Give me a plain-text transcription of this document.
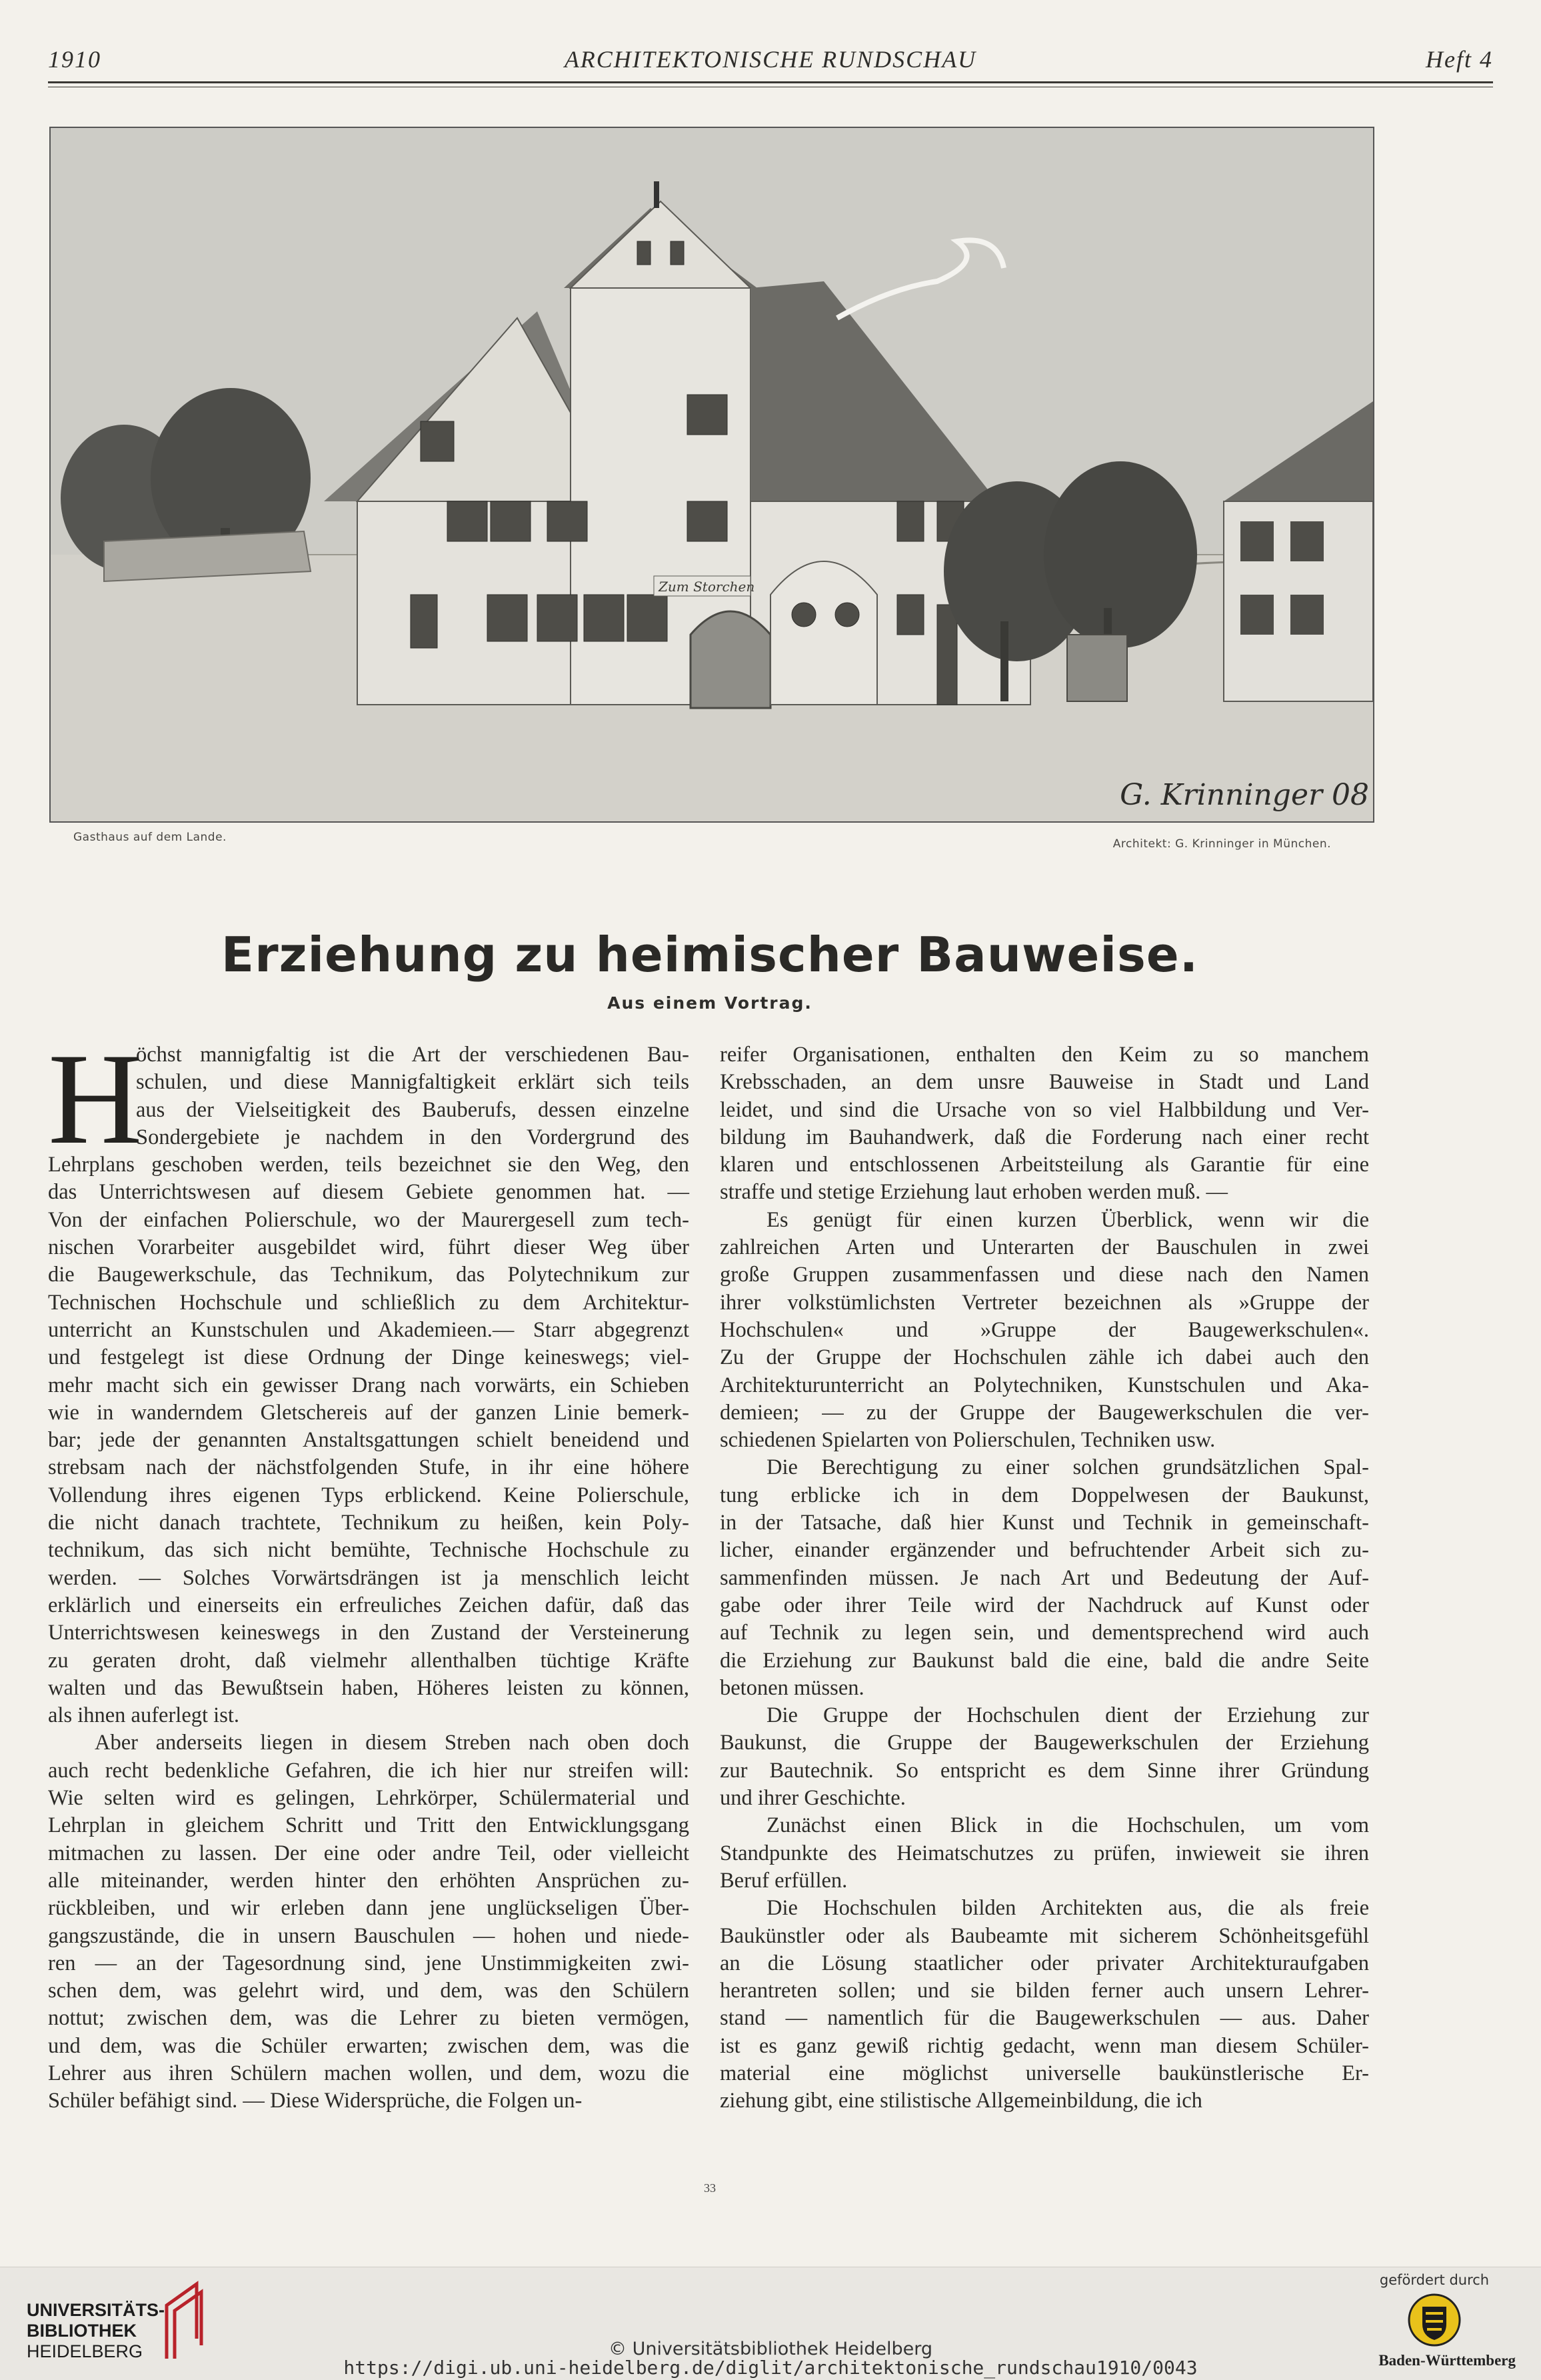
1910	ARCHITEKTONISCHE RUNDSCHAU	Heft 4
Zum Storchen
G. Krinninger 08
Gasthaus auf dem Lande.	Architekt: G. Krinninger in München.
Erziehung zu heimischer Bauweise.
Aus einem Vortrag.
H
öchst mannigfaltig ist die Art der verschiedenen Bau-
schulen, und diese Mannigfaltigkeit erklärt sich teils
aus der Vielseitigkeit des Bauberufs, dessen einzelne
Sondergebiete je nachdem in den Vordergrund des
Lehrplans geschoben werden, teils bezeichnet sie den Weg, den
das Unterrichtswesen auf diesem Gebiete genommen hat. —
Von der einfachen Polierschule, wo der Maurergesell zum tech-
nischen Vorarbeiter ausgebildet wird, führt dieser Weg über
die Baugewerkschule, das Technikum, das Polytechnikum zur
Technischen Hochschule und schließlich zu dem Architektur-
unterricht an Kunstschulen und Akademieen.— Starr abgegrenzt
und festgelegt ist diese Ordnung der Dinge keineswegs; viel-
mehr macht sich ein gewisser Drang nach vorwärts, ein Schieben
wie in wanderndem Gletschereis auf der ganzen Linie bemerk-
bar; jede der genannten Anstaltsgattungen schielt beneidend und
strebsam nach der nächstfolgenden Stufe, in ihr eine höhere
Vollendung ihres eigenen Typs erblickend. Keine Polierschule,
die nicht danach trachtete, Technikum zu heißen, kein Poly-
technikum, das sich nicht bemühte, Technische Hochschule zu
werden. — Solches Vorwärtsdrängen ist ja menschlich leicht
erklärlich und einerseits ein erfreuliches Zeichen dafür, daß das
Unterrichtswesen keineswegs in den Zustand der Versteinerung
zu geraten droht, daß vielmehr allenthalben tüchtige Kräfte
walten und das Bewußtsein haben, Höheres leisten zu können,
als ihnen auferlegt ist.
Aber anderseits liegen in diesem Streben nach oben doch
auch recht bedenkliche Gefahren, die ich hier nur streifen will:
Wie selten wird es gelingen, Lehrkörper, Schülermaterial und
Lehrplan in gleichem Schritt und Tritt den Entwicklungsgang
mitmachen zu lassen. Der eine oder andre Teil, oder vielleicht
alle miteinander, werden hinter den erhöhten Ansprüchen zu-
rückbleiben, und wir erleben dann jene unglückseligen Über-
gangszustände, die in unsern Bauschulen — hohen und niede-
ren — an der Tagesordnung sind, jene Unstimmigkeiten zwi-
schen dem, was gelehrt wird, und dem, was den Schülern
nottut; zwischen dem, was die Lehrer zu bieten vermögen,
und dem, was die Schüler erwarten; zwischen dem, was die
Lehrer aus ihren Schülern machen wollen, und dem, wozu die
Schüler befähigt sind. — Diese Widersprüche, die Folgen un-
reifer Organisationen, enthalten den Keim zu so manchem
Krebsschaden, an dem unsre Bauweise in Stadt und Land
leidet, und sind die Ursache von so viel Halbbildung und Ver-
bildung im Bauhandwerk, daß die Forderung nach einer recht
klaren und entschlossenen Arbeitsteilung als Garantie für eine
straffe und stetige Erziehung laut erhoben werden muß. —
Es genügt für einen kurzen Überblick, wenn wir die
zahlreichen Arten und Unterarten der Bauschulen in zwei
große Gruppen zusammenfassen und diese nach den Namen
ihrer volkstümlichsten Vertreter bezeichnen als »Gruppe der
Hochschulen« und »Gruppe der Baugewerkschulen«.
Zu der Gruppe der Hochschulen zähle ich dabei auch den
Architekturunterricht an Polytechniken, Kunstschulen und Aka-
demieen; — zu der Gruppe der Baugewerkschulen die ver-
schiedenen Spielarten von Polierschulen, Techniken usw.
Die Berechtigung zu einer solchen grundsätzlichen Spal-
tung erblicke ich in dem Doppelwesen der Baukunst,
in der Tatsache, daß hier Kunst und Technik in gemeinschaft-
licher, einander ergänzender und befruchtender Arbeit sich zu-
sammenfinden müssen. Je nach Art und Bedeutung der Auf-
gabe oder ihrer Teile wird der Nachdruck auf Kunst oder
auf Technik zu legen sein, und dementsprechend wird auch
die Erziehung zur Baukunst bald die eine, bald die andre Seite
betonen müssen.
Die Gruppe der Hochschulen dient der Erziehung zur
Baukunst, die Gruppe der Baugewerkschulen der Erziehung
zur Bautechnik. So entspricht es dem Sinne ihrer Gründung
und ihrer Geschichte.
Zunächst einen Blick in die Hochschulen, um vom
Standpunkte des Heimatschutzes zu prüfen, inwieweit sie ihren
Beruf erfüllen.
Die Hochschulen bilden Architekten aus, die als freie
Baukünstler oder als Baubeamte mit sicherem Schönheitsgefühl
an die Lösung staatlicher oder privater Architekturaufgaben
herantreten sollen; und sie bilden ferner auch unsern Lehrer-
stand — namentlich für die Baugewerkschulen — aus. Daher
ist es ganz gewiß richtig gedacht, wenn man diesem Schüler-
material eine möglichst universelle baukünstlerische Er-
ziehung gibt, eine stilistische Allgemeinbildung, die ich
33
UNIVERSITÄTS-
BIBLIOTHEK
HEIDELBERG	© Universitätsbibliothek Heidelberg
https://digi.ub.uni-heidelberg.de/diglit/architektonische_rundschau1910/0043
gefördert durch
Baden-Württemberg
